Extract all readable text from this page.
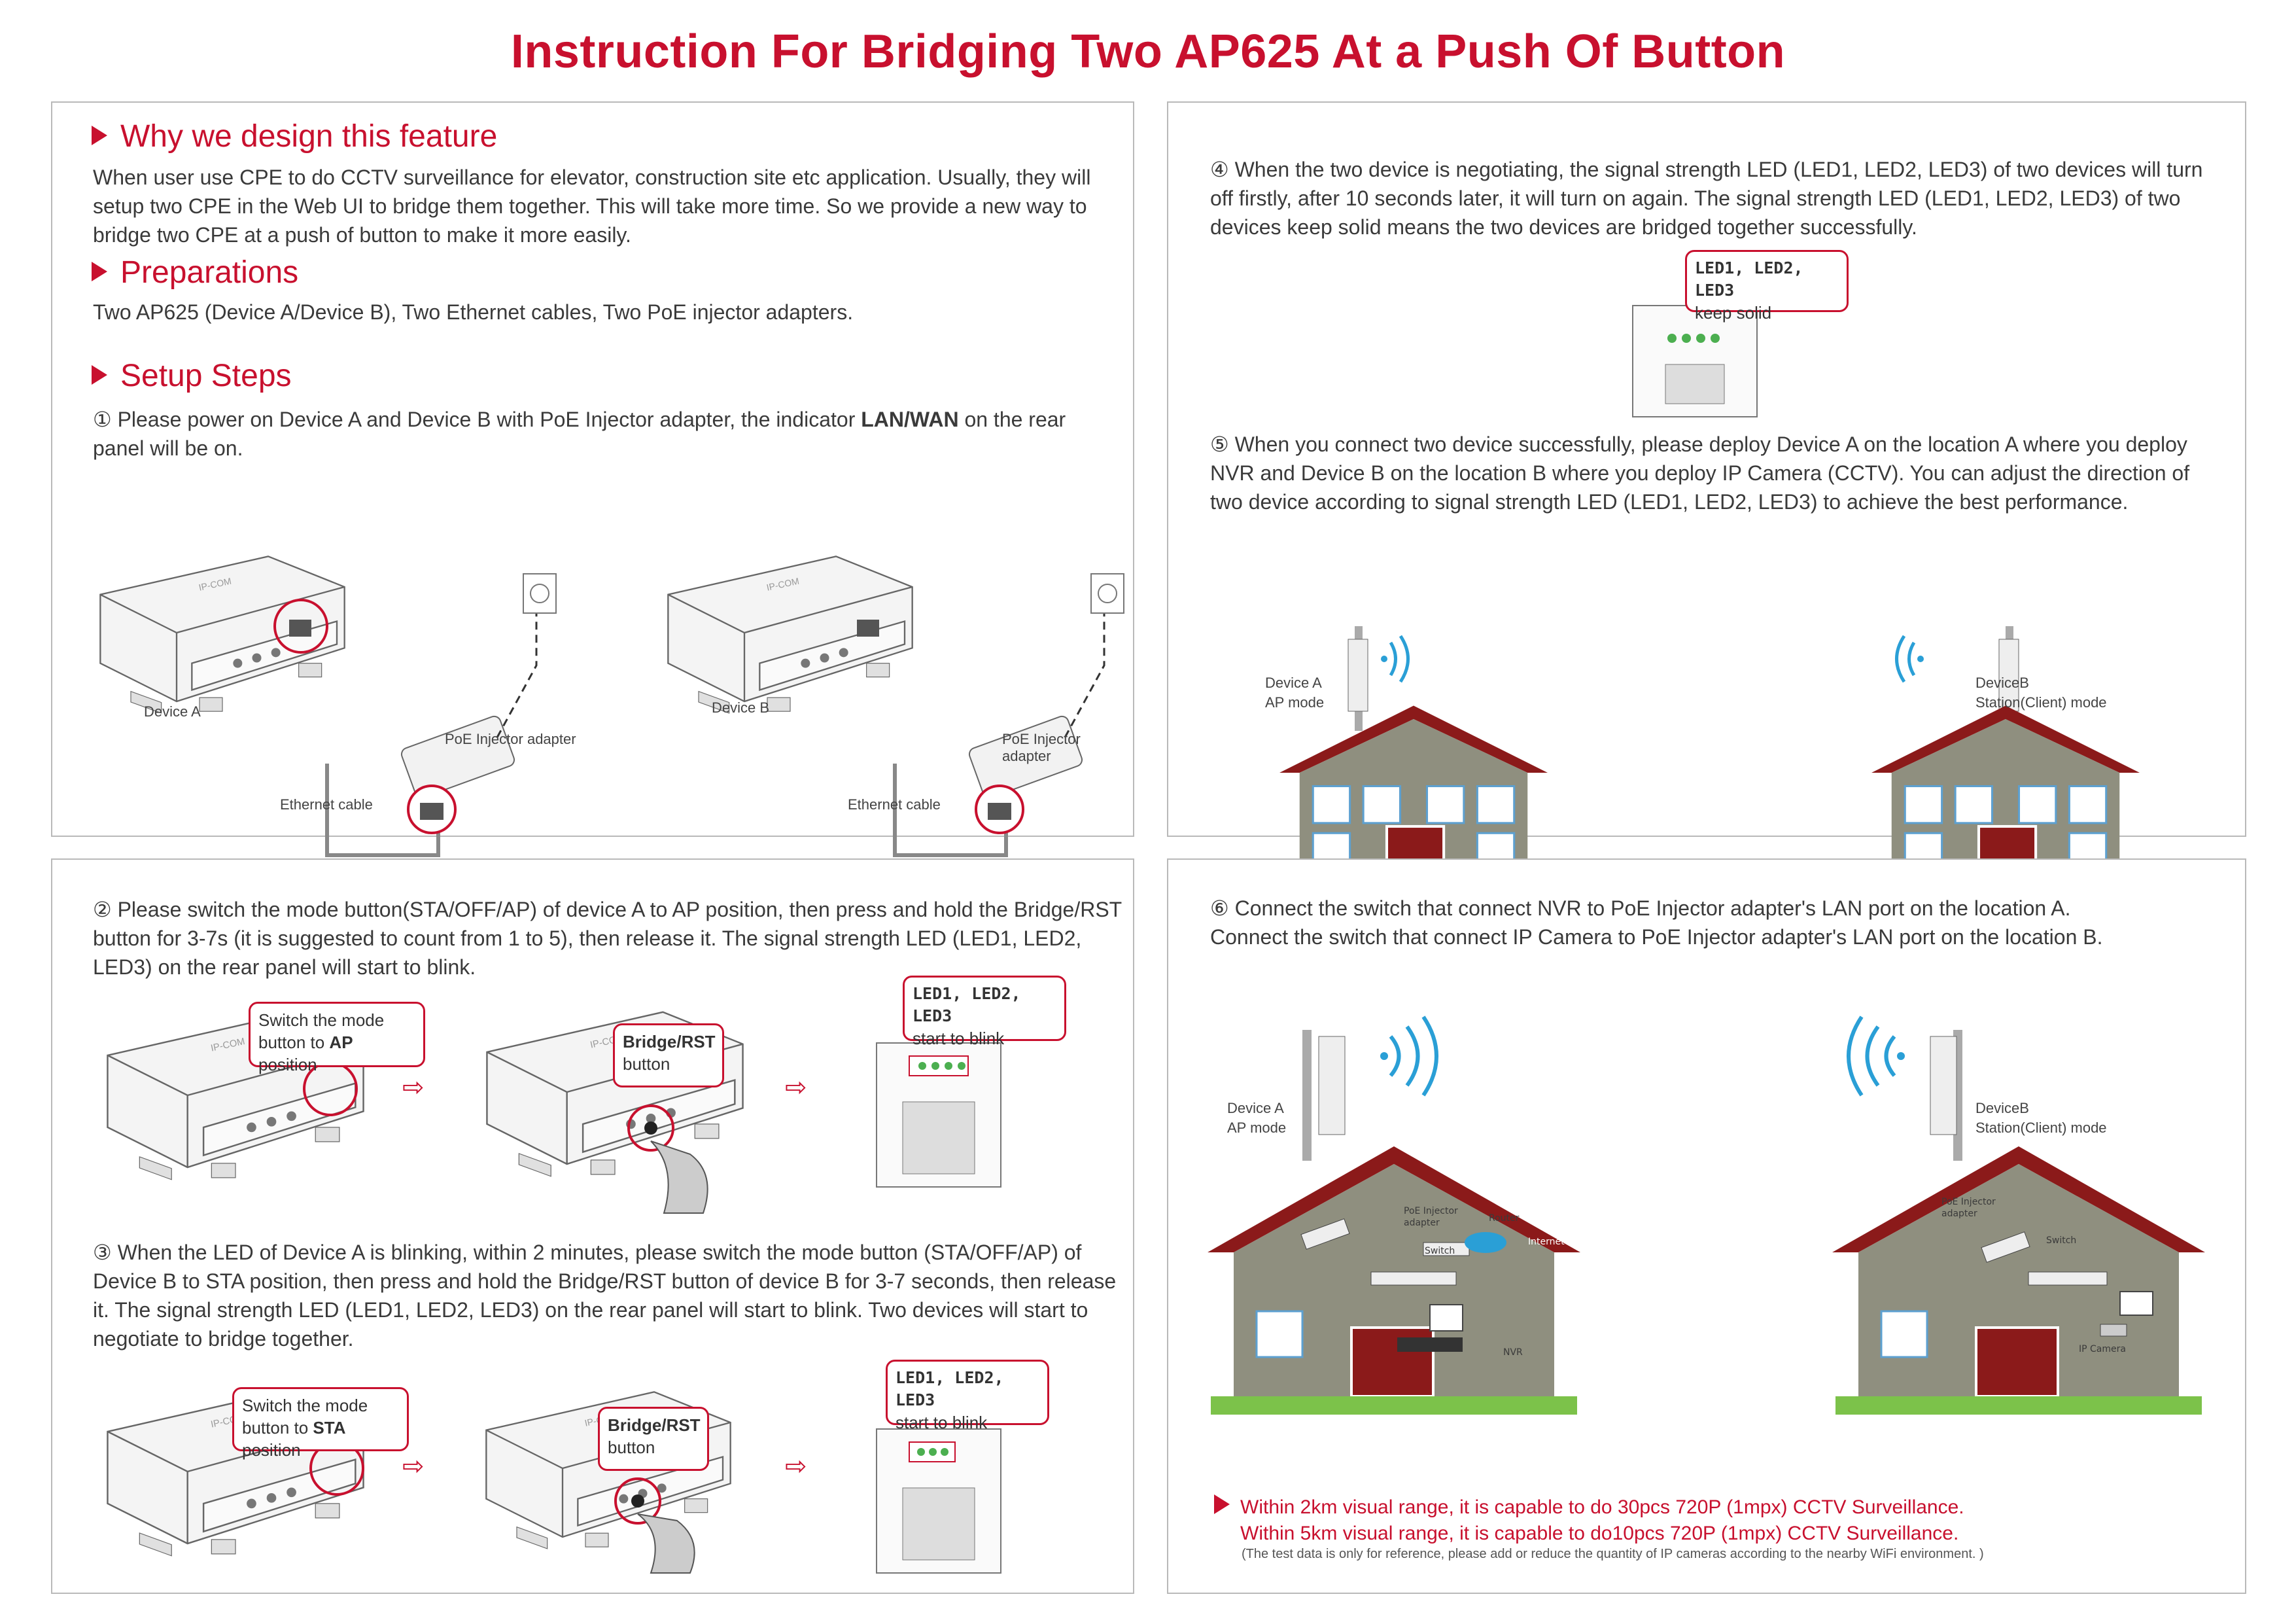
Instruction For Bridging Two AP625 At a Push Of Button
Why we design this feature
When user use CPE to do CCTV surveillance for elevator, construction site etc application. Usually, they will setup two CPE in the Web UI to bridge them together. This will take more time. So we provide a new way to bridge two CPE at a push of button to make it more easily.
Preparations
Two AP625 (Device A/Device B), Two Ethernet cables, Two PoE injector adapters.
Setup Steps
① Please power on Device A and Device B with PoE Injector adapter, the indicator LAN/WAN on the rear panel will be on.
Device A
PoE Injector adapter
Ethernet cable
Device B
PoE Injector adapter
Ethernet cable
④ When the two device is negotiating, the signal strength LED (LED1, LED2, LED3) of two devices will turn off firstly, after 10 seconds later, it will turn on again. The signal strength LED (LED1, LED2, LED3) of two devices keep solid means the two devices are bridged together successfully.
LED1, LED2, LED3
keep solid
⑤ When you connect two device successfully, please deploy Device A on the location A where you deploy NVR and Device B on the location B where you deploy IP Camera (CCTV). You can adjust the direction of two device according to signal strength LED (LED1, LED2, LED3) to achieve the best performance.
Device A
AP mode
DeviceB
Station(Client) mode
② Please switch the mode button(STA/OFF/AP) of device A to AP position, then press and hold the Bridge/RST button for 3-7s (it is suggested to count from 1 to 5), then release it. The signal strength LED (LED1, LED2, LED3) on the rear panel will start to blink.
Switch the mode button to AP position
⇨
Bridge/RST
button
⇨
LED1, LED2, LED3
start to blink
③ When the LED of Device A is blinking, within 2 minutes, please switch the mode button (STA/OFF/AP) of Device B to STA position, then press and hold the Bridge/RST button of device B for 3-7 seconds, then release it. The signal strength LED (LED1, LED2, LED3) on the rear panel will start to blink. Two devices will start to negotiate to bridge together.
Switch the mode button to STA position
⇨
Bridge/RST
button
⇨
LED1, LED2, LED3
start to blink
⑥ Connect the switch that connect NVR to PoE Injector adapter's LAN port on the location A.
Connect the switch that connect IP Camera to PoE Injector adapter's LAN port on the location B.
Device A
AP mode
PoE Injector adapter	Router
Internet
Switch
NVR
DeviceB
Station(Client) mode
PoE Injector adapter
Switch
IP Camera
Within 2km visual range, it is capable to do 30pcs 720P (1mpx) CCTV Surveillance.
Within 5km visual range, it is capable to do10pcs 720P (1mpx) CCTV Surveillance.
(The test data is only for reference, please add or reduce the quantity of IP cameras according to the nearby WiFi environment. )
